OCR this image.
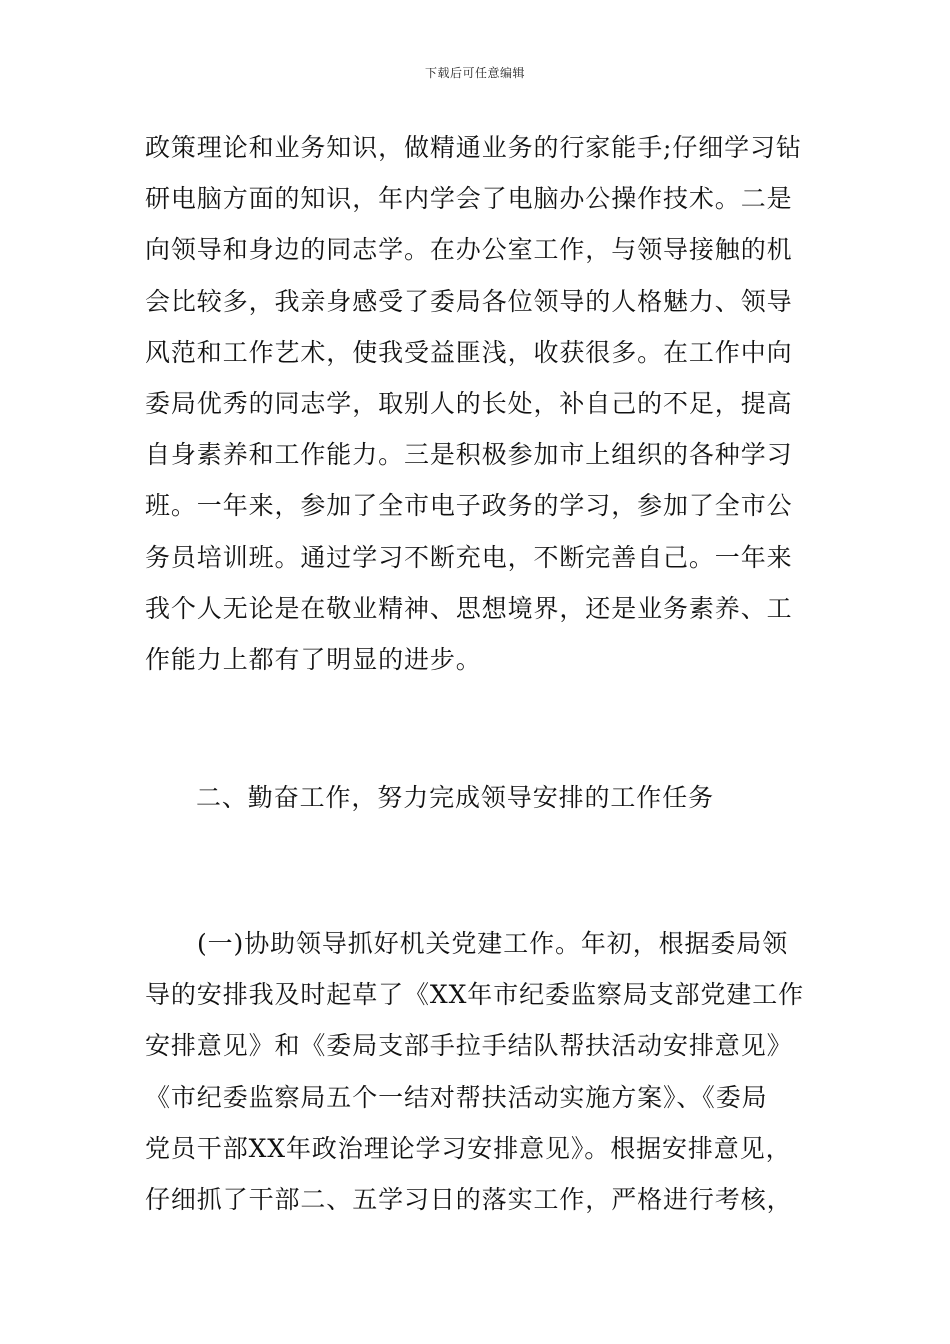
下载后可任意编辑
政策理论和业务知识，做精通业务的行家能手;仔细学习钻
研电脑方面的知识，年内学会了电脑办公操作技术。二是
向领导和身边的同志学。在办公室工作，与领导接触的机
会比较多，我亲身感受了委局各位领导的人格魅力、领导
风范和工作艺术，使我受益匪浅，收获很多。在工作中向
委局优秀的同志学，取别人的长处，补自己的不足，提高
自身素养和工作能力。三是积极参加市上组织的各种学习
班。一年来，参加了全市电子政务的学习，参加了全市公
务员培训班。通过学习不断充电，不断完善自己。一年来
我个人无论是在敬业精神、思想境界，还是业务素养、工
作能力上都有了明显的进步。
二、勤奋工作，努力完成领导安排的工作任务
(一)协助领导抓好机关党建工作。年初，根据委局领
导的安排我及时起草了《XX年市纪委监察局支部党建工作
安排意见》和《委局支部手拉手结队帮扶活动安排意见》
《市纪委监察局五个一结对帮扶活动实施方案》、《委局
党员干部XX年政治理论学习安排意见》。根据安排意见，
仔细抓了干部二、五学习日的落实工作，严格进行考核，
